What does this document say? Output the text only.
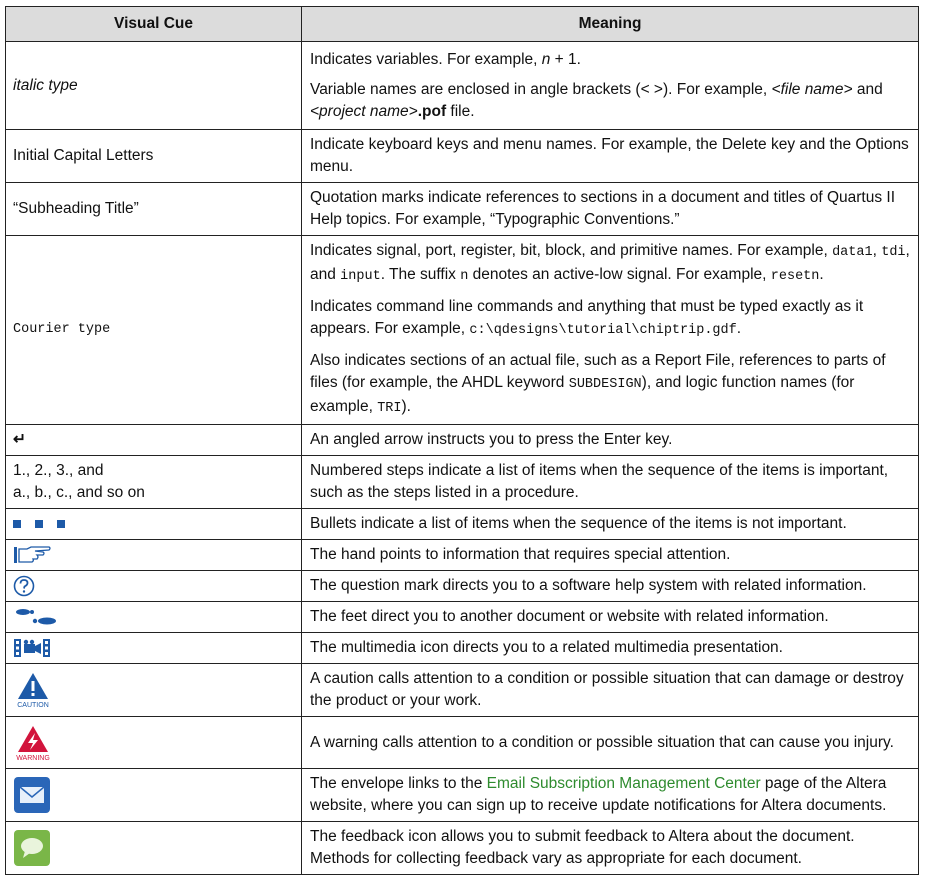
Visual Cue	Meaning
italic type	Indicates variables. For example, n + 1.

Variable names are enclosed in angle brackets (< >). For example, <file name> and <project name>.pof file.

Initial Capital Letters	Indicate keyboard keys and menu names. For example, the Delete key and the Options menu.
“Subheading Title”	Quotation marks indicate references to sections in a document and titles of Quartus II Help topics. For example, “Typographic Conventions.”
Courier type	Indicates signal, port, register, bit, block, and primitive names. For example, data1, tdi, and input. The suffix n denotes an active-low signal. For example, resetn.

Indicates command line commands and anything that must be typed exactly as it appears. For example, c:\qdesigns\tutorial\chiptrip.gdf.

Also indicates sections of an actual file, such as a Report File, references to parts of files (for example, the AHDL keyword SUBDESIGN), and logic function names (for example, TRI).

↵	An angled arrow instructs you to press the Enter key.
1., 2., 3., and
a., b., c., and so on	Numbered steps indicate a list of items when the sequence of the items is important, such as the steps listed in a procedure.
	Bullets indicate a list of items when the sequence of the items is not important.
	The hand points to information that requires special attention.
	The question mark directs you to a software help system with related information.
	The feet direct you to another document or website with related information.
	The multimedia icon directs you to a related multimedia presentation.

CAUTION	A caution calls attention to a condition or possible situation that can damage or destroy the product or your work.

WARNING	A warning calls attention to a condition or possible situation that can cause you injury.
	The envelope links to the Email Subscription Management Center page of the Altera website, where you can sign up to receive update notifications for Altera documents.
	The feedback icon allows you to submit feedback to Altera about the document. Methods for collecting feedback vary as appropriate for each document.
